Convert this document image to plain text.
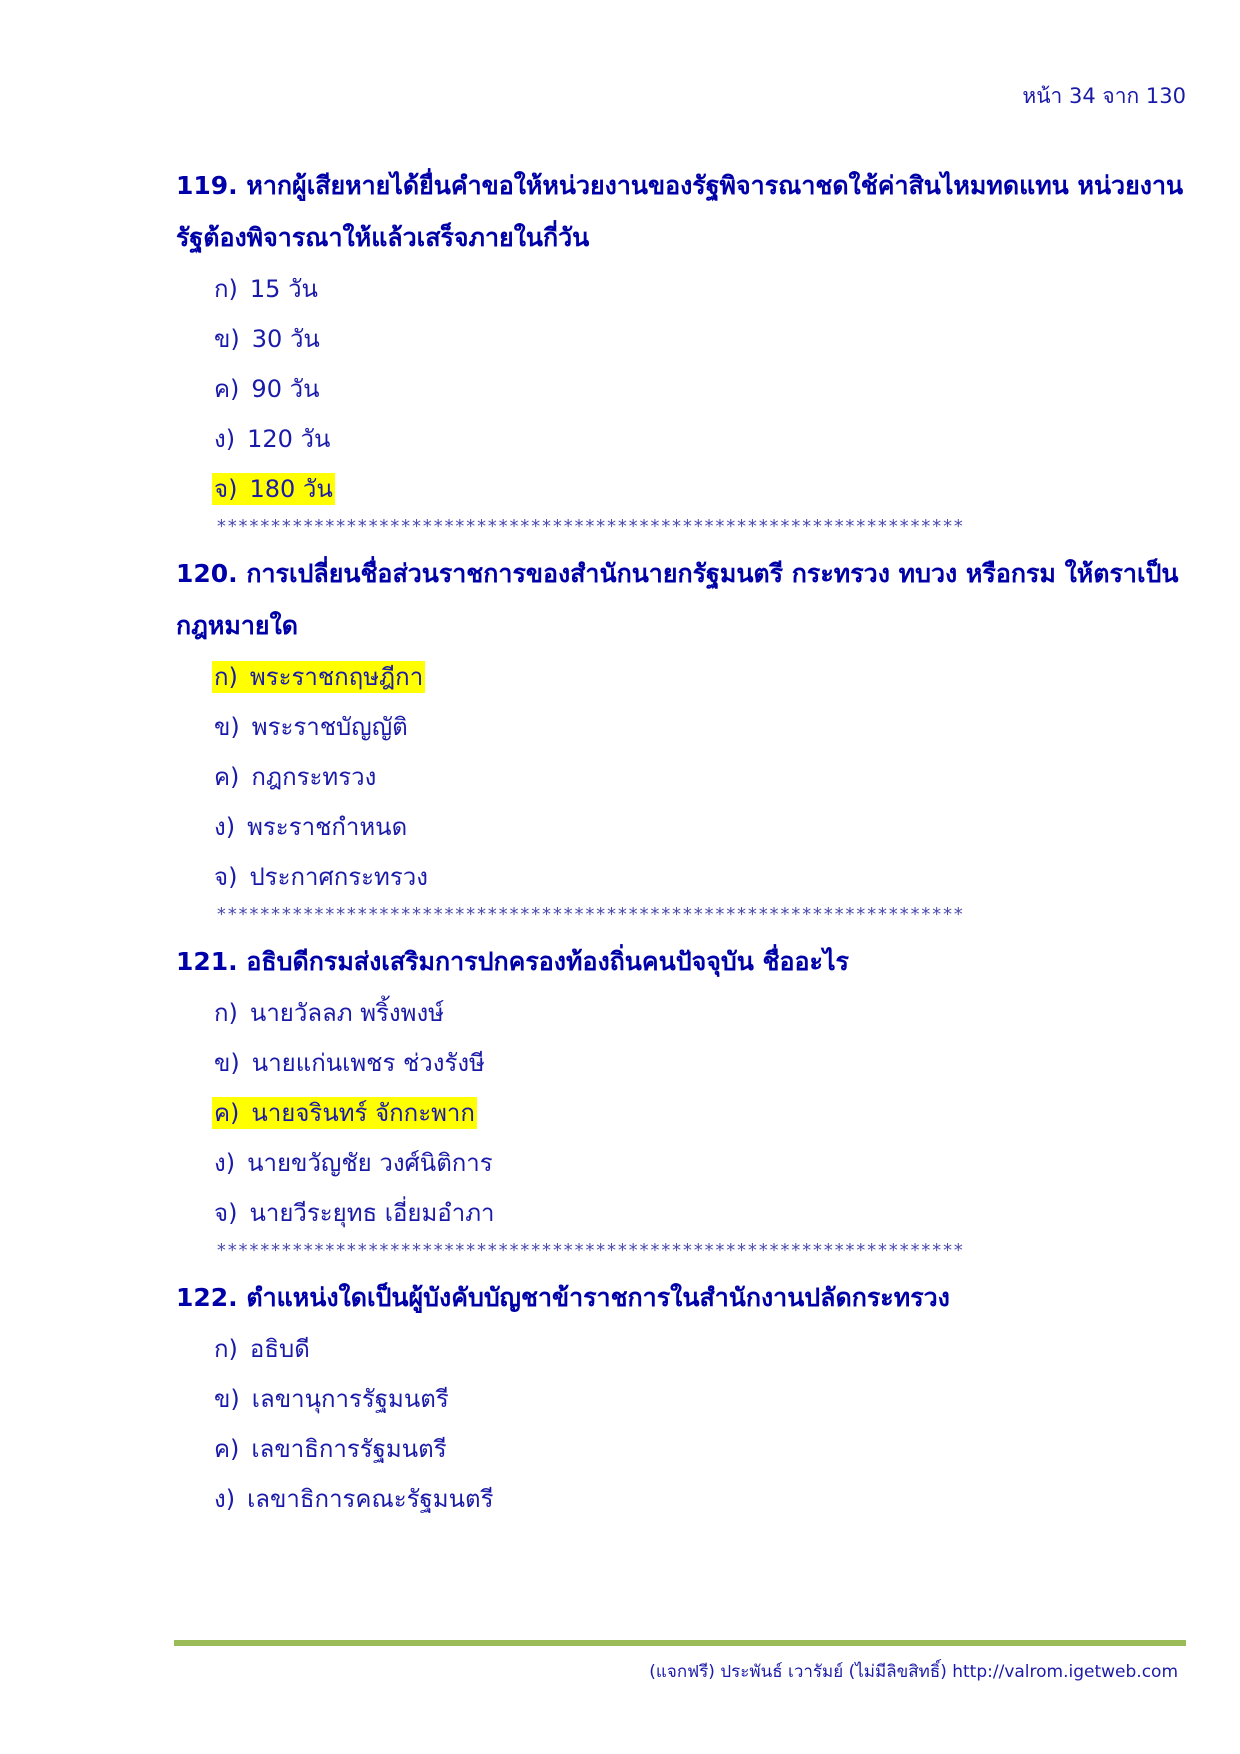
หน้า 34 จาก 130

119. หากผู้เสียหายได้ยื่นคำขอให้หน่วยงานของรัฐพิจารณาชดใช้ค่าสินไหมทดแทน หน่วยงานรัฐต้องพิจารณาให้แล้วเสร็จภายในกี่วัน

ก) 15 วัน
ข) 30 วัน
ค) 90 วัน
ง) 120 วัน
จ) 180 วัน
*********************************************************************

120. การเปลี่ยนชื่อส่วนราชการของสำนักนายกรัฐมนตรี กระทรวง ทบวง หรือกรม ให้ตราเป็นกฎหมายใด

ก) พระราชกฤษฎีกา
ข) พระราชบัญญัติ
ค) กฎกระทรวง
ง) พระราชกำหนด
จ) ประกาศกระทรวง
*********************************************************************

121. อธิบดีกรมส่งเสริมการปกครองท้องถิ่นคนปัจจุบัน ชื่ออะไร

ก) นายวัลลภ พริ้งพงษ์
ข) นายแก่นเพชร ช่วงรังษี
ค) นายจรินทร์ จักกะพาก
ง) นายขวัญชัย วงศ์นิติการ
จ) นายวีระยุทธ เอี่ยมอำภา
*********************************************************************

122. ตำแหน่งใดเป็นผู้บังคับบัญชาข้าราชการในสำนักงานปลัดกระทรวง

ก) อธิบดี
ข) เลขานุการรัฐมนตรี
ค) เลขาธิการรัฐมนตรี
ง) เลขาธิการคณะรัฐมนตรี
(แจกฟรี) ประพันธ์ เวารัมย์ (ไม่มีลิขสิทธิ์) http://valrom.igetweb.com
